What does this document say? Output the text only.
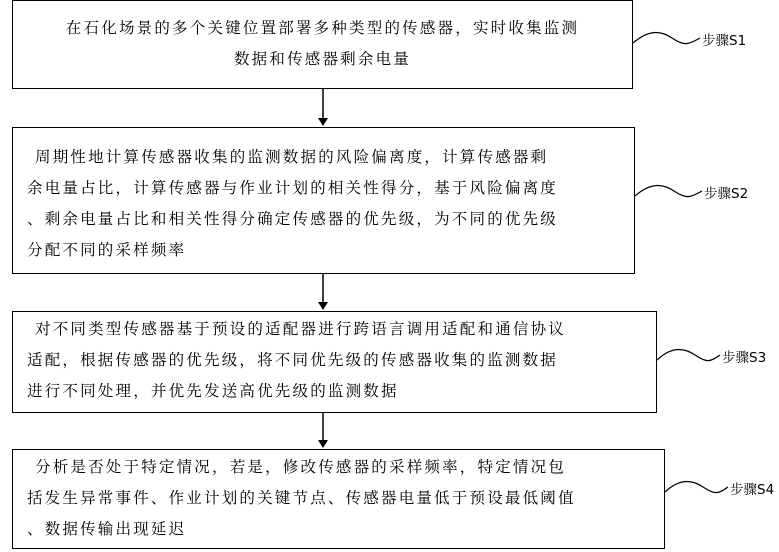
在石化场景的多个关键位置部署多种类型的传感器，实时收集监测
数据和传感器剩余电量
步骤S1
周期性地计算传感器收集的监测数据的风险偏离度，计算传感器剩
余电量占比，计算传感器与作业计划的相关性得分，基于风险偏离度
、剩余电量占比和相关性得分确定传感器的优先级，为不同的优先级
分配不同的采样频率
步骤S2
对不同类型传感器基于预设的适配器进行跨语言调用适配和通信协议
适配，根据传感器的优先级，将不同优先级的传感器收集的监测数据
进行不同处理，并优先发送高优先级的监测数据
步骤S3
分析是否处于特定情况，若是，修改传感器的采样频率，特定情况包
括发生异常事件、作业计划的关键节点、传感器电量低于预设最低阈值
、数据传输出现延迟
步骤S4
